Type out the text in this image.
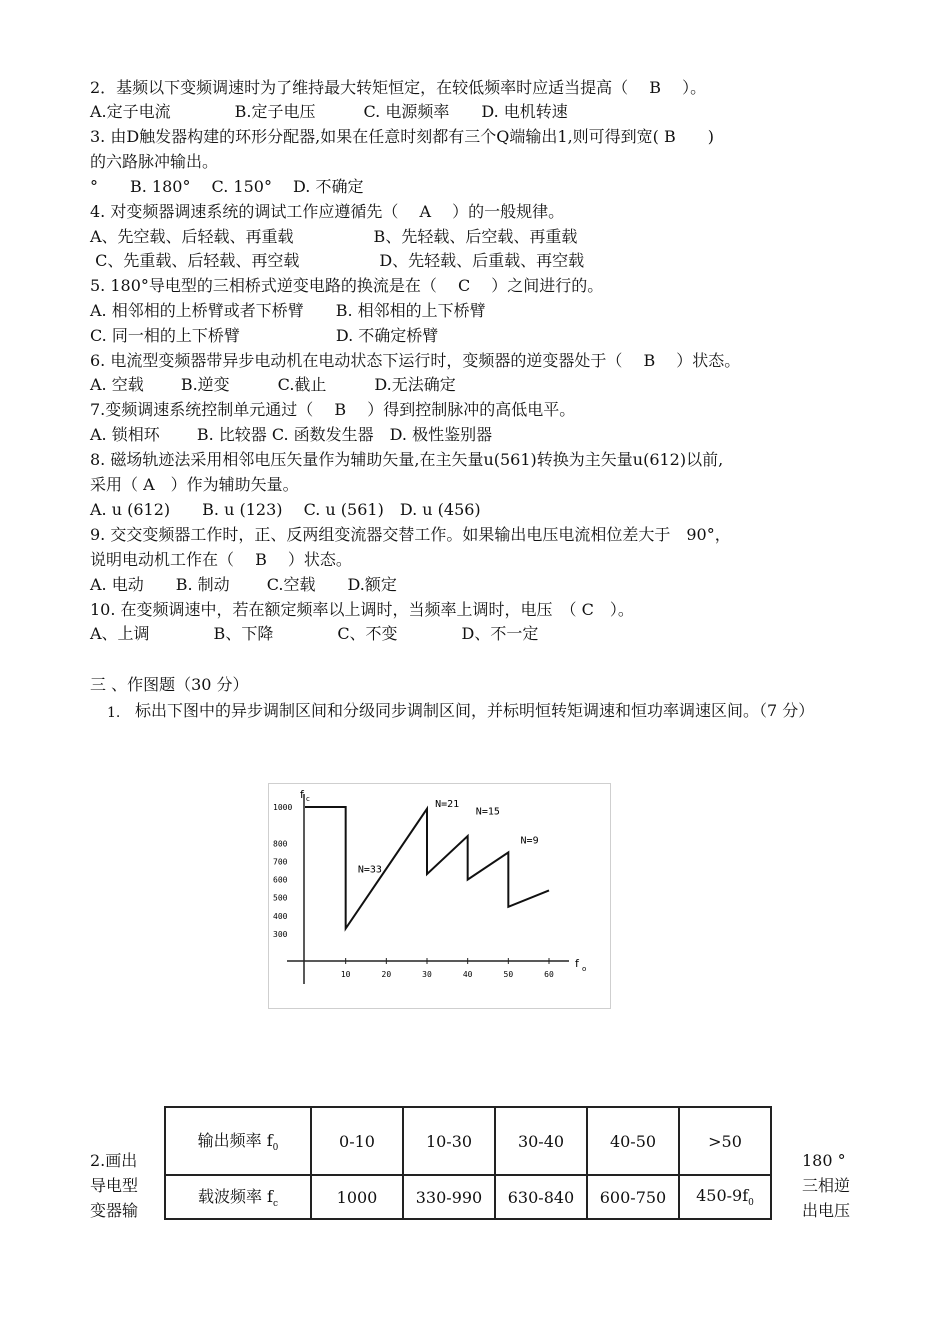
2．基频以下变频调速时为了维持最大转矩恒定，在较低频率时应适当提高（　 B　 ）。
A.定子电流　　　　B.定子电压　　　C. 电源频率　　D. 电机转速
3. 由D触发器构建的环形分配器,如果在任意时刻都有三个Q端输出1,则可得到宽( B　　)
的六路脉冲输出。
°　　B. 180°　 C. 150°　 D. 不确定
4. 对变频器调速系统的调试工作应遵循先（　 A　 ）的一般规律。
A、先空载、后轻载、再重载　　　　　B、先轻载、后空载、再重载
C、先重载、后轻载、再空载　　　　　D、先轻载、后重载、再空载
5. 180°导电型的三相桥式逆变电路的换流是在（　 C　 ）之间进行的。
A. 相邻相的上桥臂或者下桥臂　　B. 相邻相的上下桥臂
C. 同一相的上下桥臂　　　　　　D. 不确定桥臂
6. 电流型变频器带异步电动机在电动状态下运行时，变频器的逆变器处于（　 B　 ）状态。
A. 空载　　 B.逆变　　　C.截止　　　D.无法确定
7.变频调速系统控制单元通过（　 B　 ）得到控制脉冲的高低电平。
A. 锁相环　　 B. 比较器 C. 函数发生器　D. 极性鉴别器
8. 磁场轨迹法采用相邻电压矢量作为辅助矢量,在主矢量u(561)转换为主矢量u(612)以前,
采用（ A　）作为辅助矢量。
A. u (612)　　B. u (123)　 C. u (561)　D. u (456)
9. 交交变频器工作时，正、反两组变流器交替工作。如果输出电压电流相位差大于　90°，
说明电动机工作在（　 B　 ）状态。
A. 电动　　B. 制动　　 C.空载　　D.额定
10. 在变频调速中，若在额定频率以上调时，当频率上调时，电压　（ C　）。
A、上调　　　　B、下降　　　　C、不变　　　　D、不一定
三 、作图题（30 分）
1. 标出下图中的异步调制区间和分级同步调制区间，并标明恒转矩调速和恒功率调速区间。（7 分）
f c
f o
10	20	30	40	50	60
300
400
500
600
700
800
1000
N=33
N=21
N=15
N=9
2.画出
导电型
变器输
180 °
三相逆
出电压
输出频率 $f_0$	0-10	10-30	30-40	40-50	>50
载波频率 $f_c$	1000	330-990	630-840	600-750	$450-9f_0$
